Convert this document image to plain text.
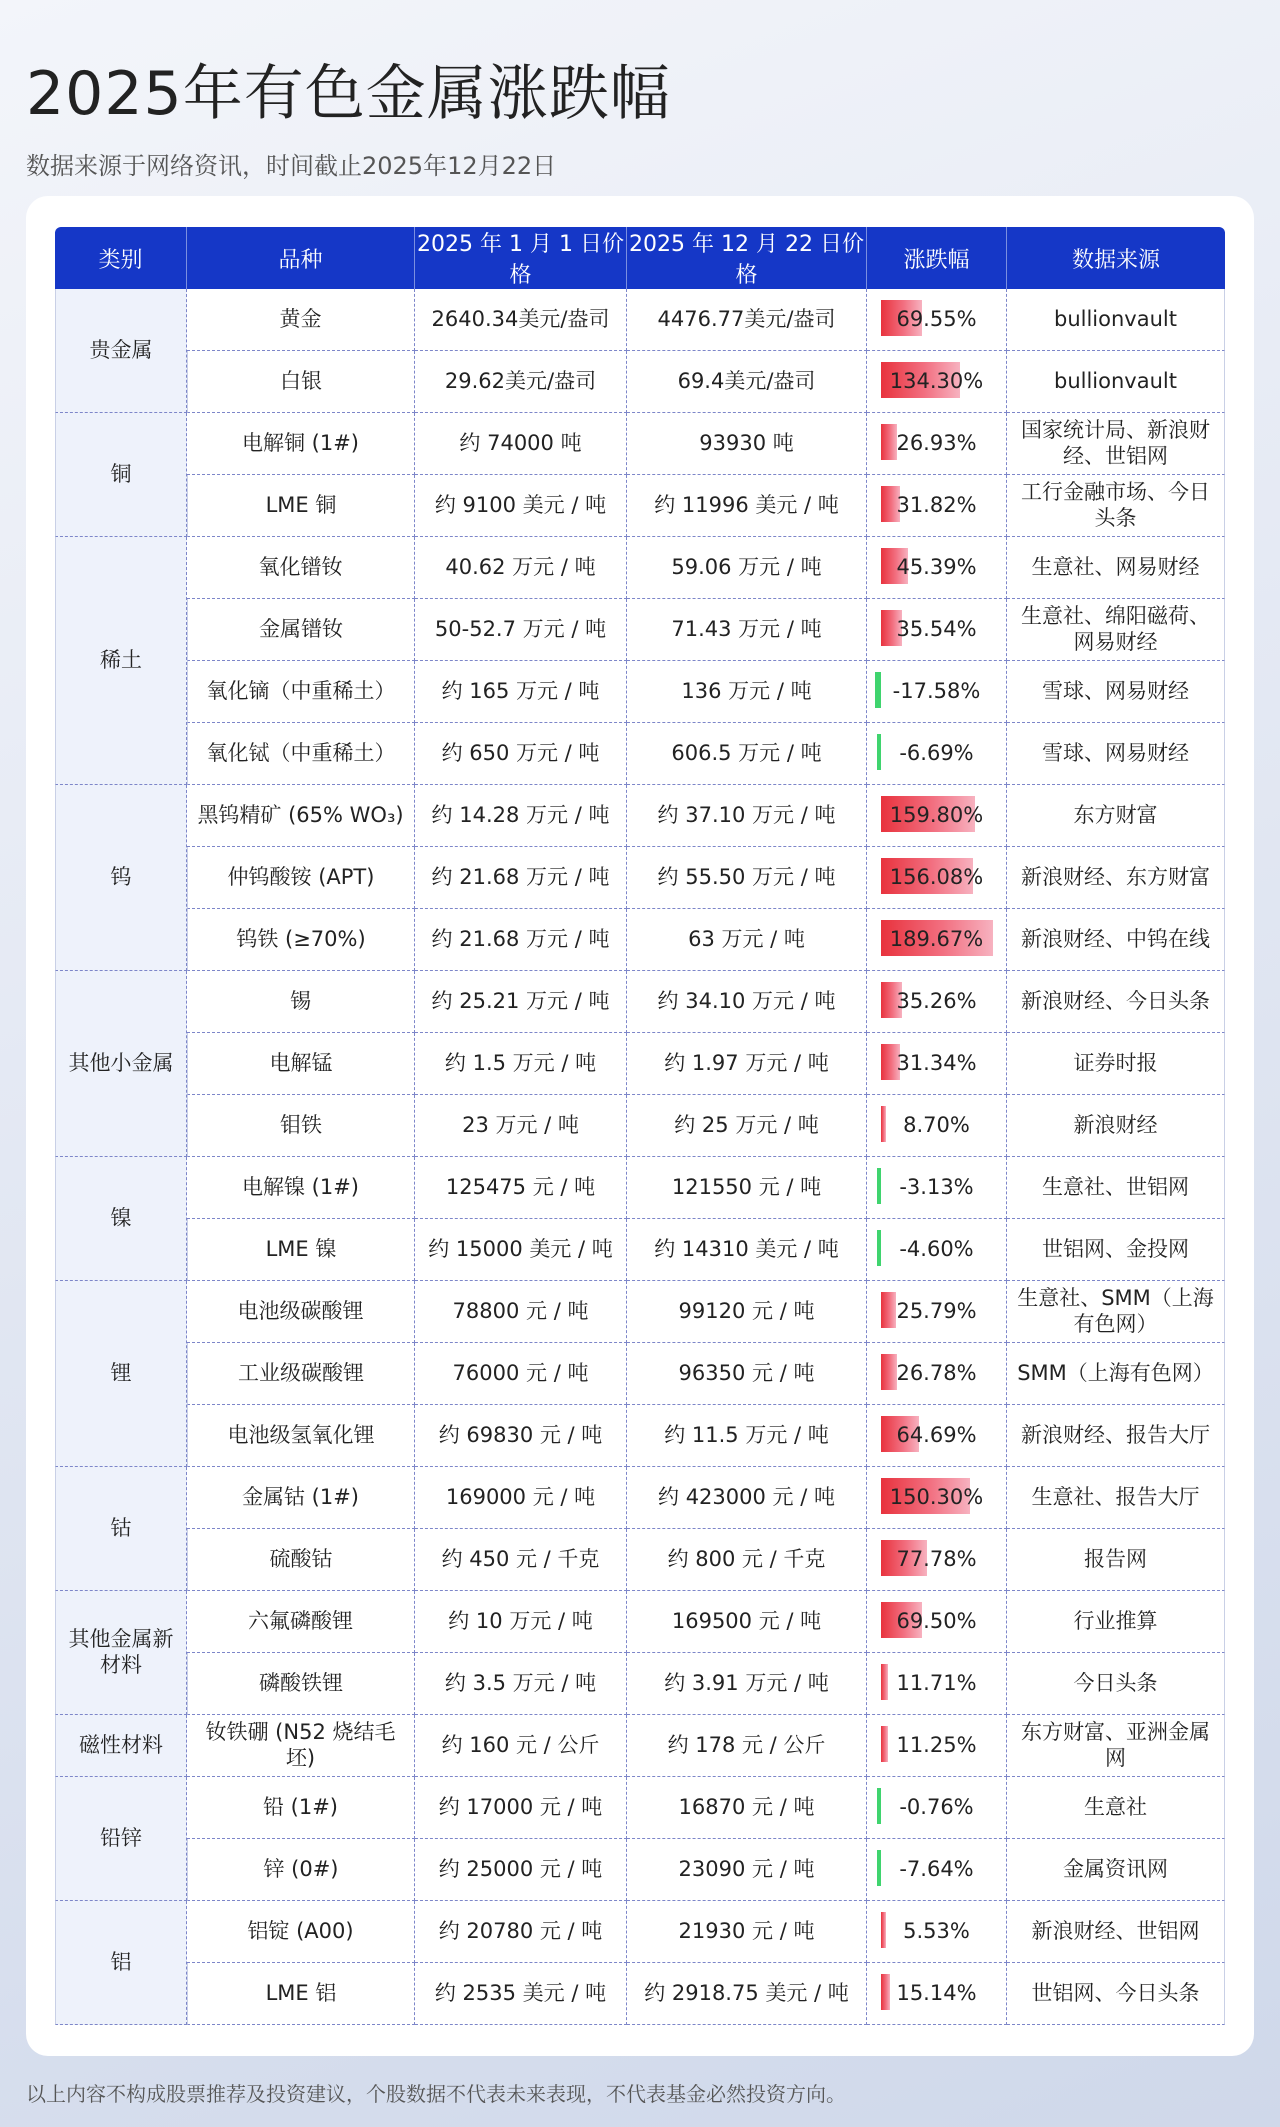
2025年有色金属涨跌幅
数据来源于网络资讯，时间截止2025年12月22日
类别	品种	2025 年 1 月 1 日价格	2025 年 12 月 22 日价格	涨跌幅	数据来源
贵金属	黄金	2640.34美元/盎司	4476.77美元/盎司	69.55%	bullionvault
	白银	29.62美元/盎司	69.4美元/盎司	134.30%	bullionvault
铜	电解铜 (1#)	约 74000 吨	93930 吨	26.93%	国家统计局、新浪财经、世铝网
	LME 铜	约 9100 美元 / 吨	约 11996 美元 / 吨	31.82%	工行金融市场、今日头条
稀土	氧化镨钕	40.62 万元 / 吨	59.06 万元 / 吨	45.39%	生意社、网易财经
	金属镨钕	50-52.7 万元 / 吨	71.43 万元 / 吨	35.54%	生意社、绵阳磁荷、网易财经
	氧化镝（中重稀土）	约 165 万元 / 吨	136 万元 / 吨	-17.58%	雪球、网易财经
	氧化铽（中重稀土）	约 650 万元 / 吨	606.5 万元 / 吨	-6.69%	雪球、网易财经
钨	黑钨精矿 (65% WO₃)	约 14.28 万元 / 吨	约 37.10 万元 / 吨	159.80%	东方财富
	仲钨酸铵 (APT)	约 21.68 万元 / 吨	约 55.50 万元 / 吨	156.08%	新浪财经、东方财富
	钨铁 (≥70%)	约 21.68 万元 / 吨	63 万元 / 吨	189.67%	新浪财经、中钨在线
其他小金属	锡	约 25.21 万元 / 吨	约 34.10 万元 / 吨	35.26%	新浪财经、今日头条
	电解锰	约 1.5 万元 / 吨	约 1.97 万元 / 吨	31.34%	证券时报
	钼铁	23 万元 / 吨	约 25 万元 / 吨	8.70%	新浪财经
镍	电解镍 (1#)	125475 元 / 吨	121550 元 / 吨	-3.13%	生意社、世铝网
	LME 镍	约 15000 美元 / 吨	约 14310 美元 / 吨	-4.60%	世铝网、金投网
锂	电池级碳酸锂	78800 元 / 吨	99120 元 / 吨	25.79%	生意社、SMM（上海有色网）
	工业级碳酸锂	76000 元 / 吨	96350 元 / 吨	26.78%	SMM（上海有色网）
	电池级氢氧化锂	约 69830 元 / 吨	约 11.5 万元 / 吨	64.69%	新浪财经、报告大厅
钴	金属钴 (1#)	169000 元 / 吨	约 423000 元 / 吨	150.30%	生意社、报告大厅
	硫酸钴	约 450 元 / 千克	约 800 元 / 千克	77.78%	报告网
其他金属新材料	六氟磷酸锂	约 10 万元 / 吨	169500 元 / 吨	69.50%	行业推算
	磷酸铁锂	约 3.5 万元 / 吨	约 3.91 万元 / 吨	11.71%	今日头条
磁性材料	钕铁硼 (N52 烧结毛坯)	约 160 元 / 公斤	约 178 元 / 公斤	11.25%	东方财富、亚洲金属网
铅锌	铅 (1#)	约 17000 元 / 吨	16870 元 / 吨	-0.76%	生意社
	锌 (0#)	约 25000 元 / 吨	23090 元 / 吨	-7.64%	金属资讯网
铝	铝锭 (A00)	约 20780 元 / 吨	21930 元 / 吨	5.53%	新浪财经、世铝网
	LME 铝	约 2535 美元 / 吨	约 2918.75 美元 / 吨	15.14%	世铝网、今日头条
以上内容不构成股票推荐及投资建议，个股数据不代表未来表现，不代表基金必然投资方向。
